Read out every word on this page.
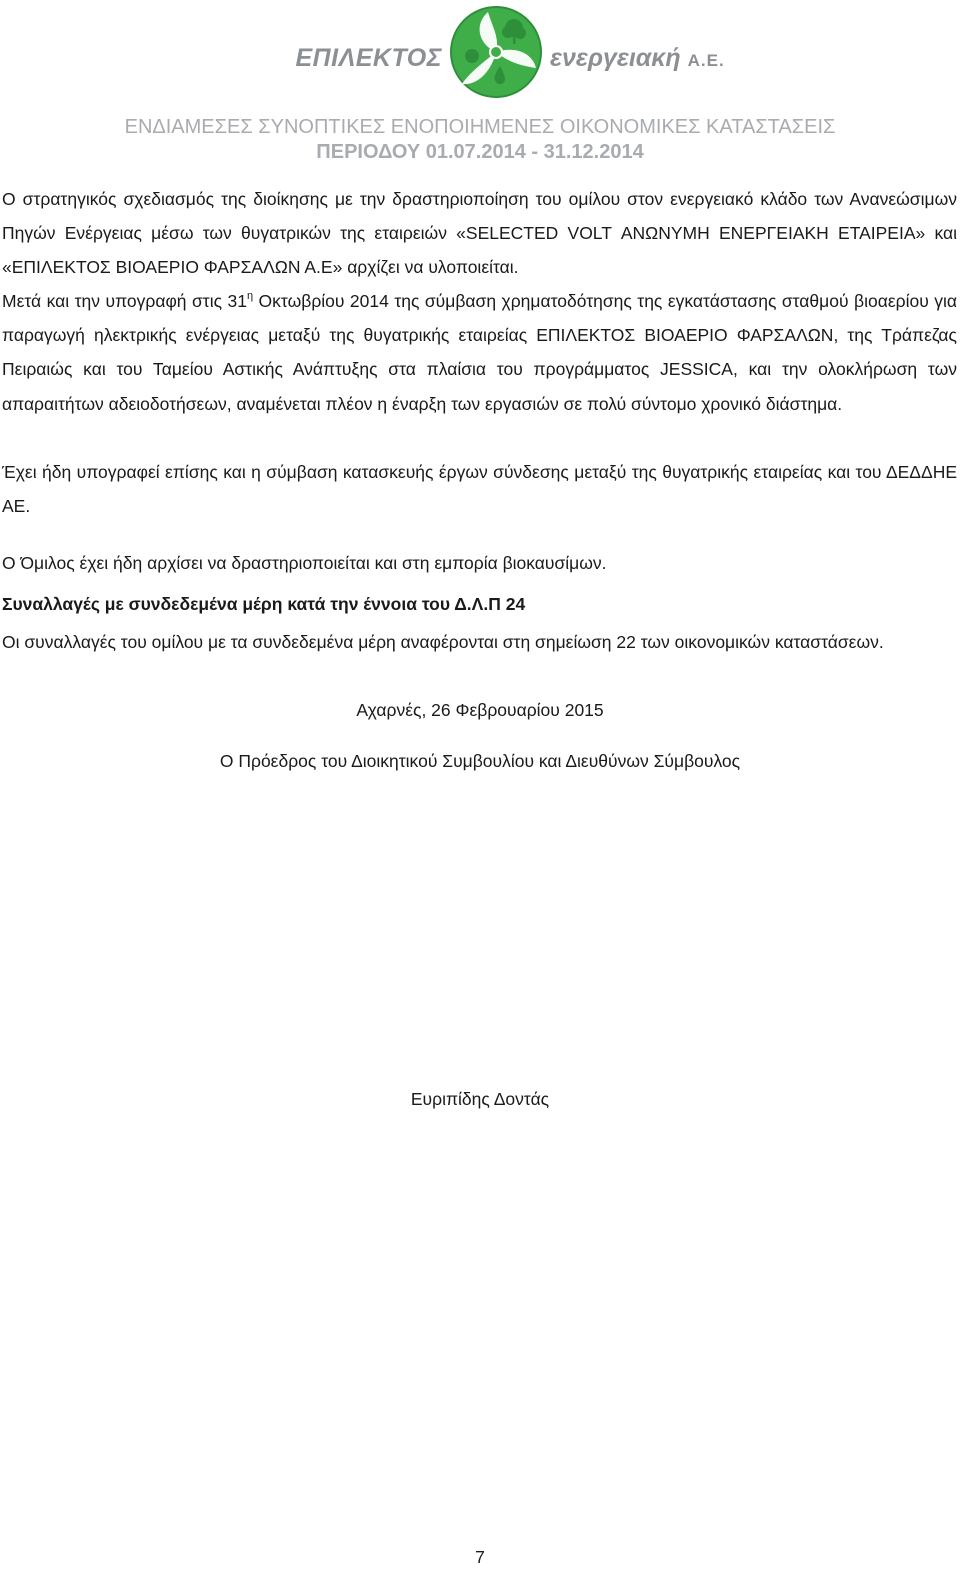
ΕΠΙΛΕΚΤΟΣ	ενεργειακή Α.Ε.
ΕΝΔΙΑΜΕΣΕΣ ΣΥΝΟΠΤΙΚΕΣ ΕΝΟΠΟΙΗΜΕΝΕΣ ΟΙΚΟΝΟΜΙΚΕΣ ΚΑΤΑΣΤΑΣΕΙΣ
ΠΕΡΙΟΔΟΥ 01.07.2014 - 31.12.2014
Ο στρατηγικός σχεδιασμός της διοίκησης με την δραστηριοποίηση του ομίλου στον ενεργειακό κλάδο των Ανανεώσιμων Πηγών Ενέργειας μέσω των θυγατρικών της εταιρειών «SELECTED VOLT ΑΝΩΝΥΜΗ ΕΝΕΡΓΕΙΑΚΗ ΕΤΑΙΡΕΙΑ» και «ΕΠΙΛΕΚΤΟΣ ΒΙΟΑΕΡΙΟ ΦΑΡΣΑΛΩΝ Α.Ε» αρχίζει να υλοποιείται.
Μετά και την υπογραφή στις $31^\eta$ Οκτωβρίου 2014 της σύμβαση χρηματοδότησης της εγκατάστασης σταθμού βιοαερίου για παραγωγή ηλεκτρικής ενέργειας μεταξύ της θυγατρικής εταιρείας ΕΠΙΛΕΚΤΟΣ ΒΙΟΑΕΡΙΟ ΦΑΡΣΑΛΩΝ, της Τράπεζας Πειραιώς και του Ταμείου Αστικής Ανάπτυξης στα πλαίσια του προγράμματος JESSICA, και την ολοκλήρωση των απαραιτήτων αδειοδοτήσεων, αναμένεται πλέον η έναρξη των εργασιών σε πολύ σύντομο χρονικό διάστημα.
Έχει ήδη υπογραφεί επίσης και η σύμβαση κατασκευής έργων σύνδεσης μεταξύ της θυγατρικής εταιρείας και του ΔΕΔΔΗΕ ΑΕ.
Ο Όμιλος έχει ήδη αρχίσει να δραστηριοποιείται και στη εμπορία βιοκαυσίμων.
Συναλλαγές με συνδεδεμένα μέρη κατά την έννοια του Δ.Λ.Π 24
Οι συναλλαγές του ομίλου με τα συνδεδεμένα μέρη αναφέρονται στη σημείωση 22 των οικονομικών καταστάσεων.
Αχαρνές, 26 Φεβρουαρίου 2015
Ο Πρόεδρος του Διοικητικού Συμβουλίου και Διευθύνων Σύμβουλος
Ευριπίδης Δοντάς
7
